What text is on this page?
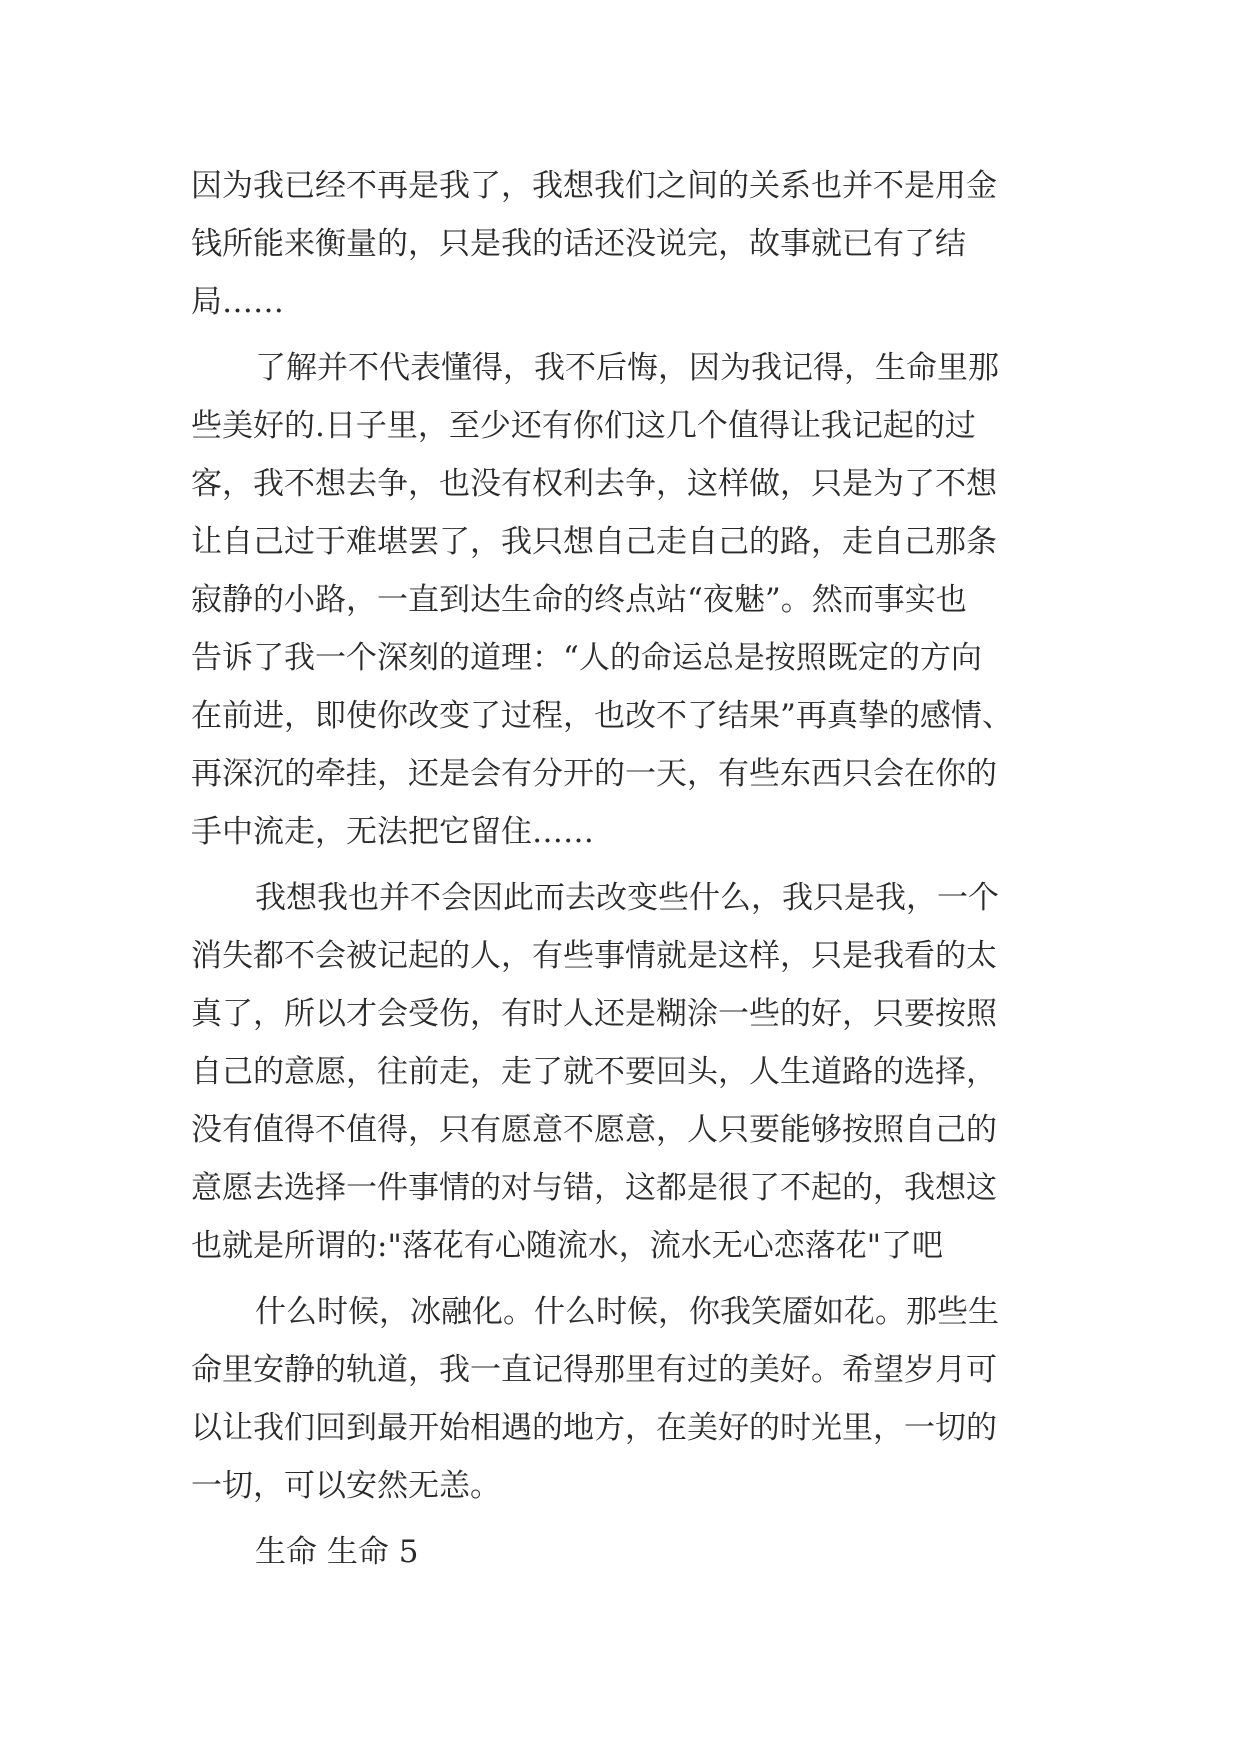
因为我已经不再是我了，我想我们之间的关系也并不是用金
钱所能来衡量的，只是我的话还没说完，故事就已有了结
局……
了解并不代表懂得，我不后悔，因为我记得，生命里那
些美好的.日子里，至少还有你们这几个值得让我记起的过
客，我不想去争，也没有权利去争，这样做，只是为了不想
让自己过于难堪罢了，我只想自己走自己的路，走自己那条
寂静的小路，一直到达生命的终点站“夜魅”。然而事实也
告诉了我一个深刻的道理：“人的命运总是按照既定的方向
在前进，即使你改变了过程，也改不了结果”再真挚的感情、
再深沉的牵挂，还是会有分开的一天，有些东西只会在你的
手中流走，无法把它留住……
我想我也并不会因此而去改变些什么，我只是我，一个
消失都不会被记起的人，有些事情就是这样，只是我看的太
真了，所以才会受伤，有时人还是糊涂一些的好，只要按照
自己的意愿，往前走，走了就不要回头，人生道路的选择，
没有值得不值得，只有愿意不愿意，人只要能够按照自己的
意愿去选择一件事情的对与错，这都是很了不起的，我想这
也就是所谓的:"落花有心随流水，流水无心恋落花"了吧
什么时候，冰融化。什么时候，你我笑靥如花。那些生
命里安静的轨道，我一直记得那里有过的美好。希望岁月可
以让我们回到最开始相遇的地方，在美好的时光里，一切的
一切，可以安然无恙。
生命 生命 5
